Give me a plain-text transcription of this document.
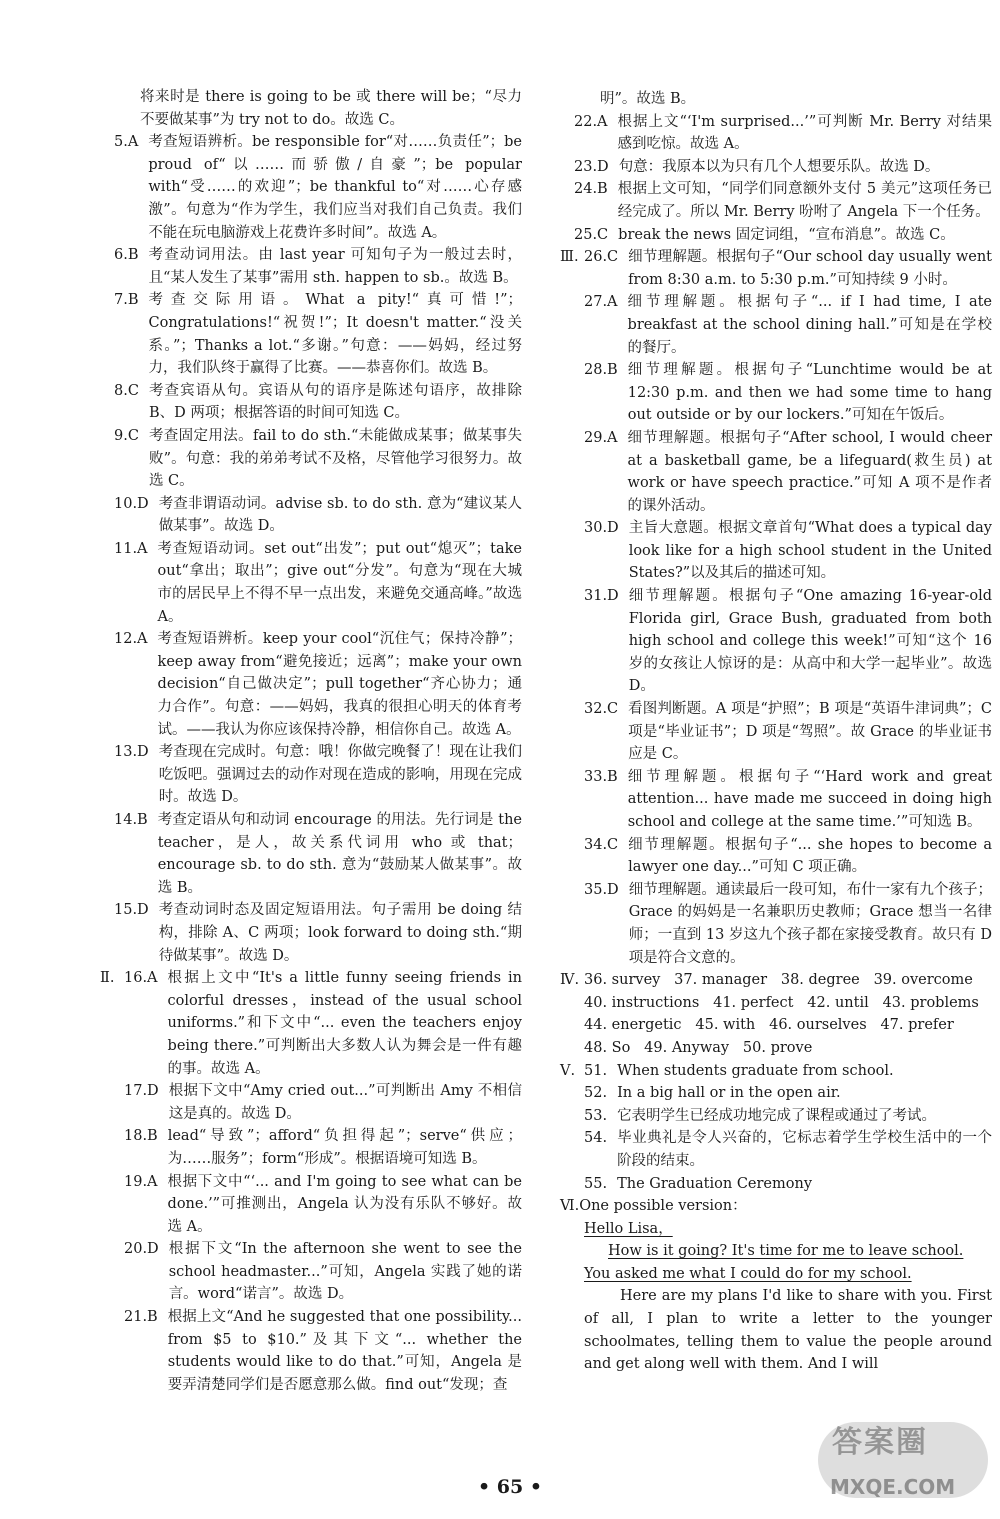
将来时是 there is going to be 或 there will be；“尽力不要做某事”为 try not to do。故选 C。

5.A 考查短语辨析。be responsible for“对……负责任”；be proud of“以……而骄傲/自豪”；be popular with“受……的欢迎”；be thankful to“对……心存感激”。句意为“作为学生，我们应当对我们自己负责。我们不能在玩电脑游戏上花费许多时间”。故选 A。
6.B 考查动词用法。由 last year 可知句子为一般过去时，且“某人发生了某事”需用 sth. happen to sb.。故选 B。
7.B 考查交际用语。What a pity!“真可惜!”；Congratulations!“祝贺!”；It doesn't matter.“没关系。”；Thanks a lot.“多谢。”句意：——妈妈，经过努力，我们队终于赢得了比赛。——恭喜你们。故选 B。
8.C 考查宾语从句。宾语从句的语序是陈述句语序，故排除 B、D 两项；根据答语的时间可知选 C。
9.C 考查固定用法。fail to do sth.“未能做成某事；做某事失败”。句意：我的弟弟考试不及格，尽管他学习很努力。故选 C。
10.D 考查非谓语动词。advise sb. to do sth. 意为“建议某人做某事”。故选 D。
11.A 考查短语动词。set out“出发”；put out“熄灭”；take out“拿出；取出”；give out“分发”。句意为“现在大城市的居民早上不得不早一点出发，来避免交通高峰。”故选 A。
12.A 考查短语辨析。keep your cool“沉住气；保持冷静”；keep away from“避免接近；远离”；make your own decision“自己做决定”；pull together“齐心协力；通力合作”。句意：——妈妈，我真的很担心明天的体育考试。——我认为你应该保持冷静，相信你自己。故选 A。
13.D 考查现在完成时。句意：哦！你做完晚餐了！现在让我们吃饭吧。强调过去的动作对现在造成的影响，用现在完成时。故选 D。
14.B 考查定语从句和动词 encourage 的用法。先行词是 the teacher，是人，故关系代词用 who 或 that；encourage sb. to do sth. 意为“鼓励某人做某事”。故选 B。
15.D 考查动词时态及固定短语用法。句子需用 be doing 结构，排除 A、C 两项；look forward to doing sth.“期待做某事”。故选 D。
Ⅱ. 16.A 根据上文中“It's a little funny seeing friends in colorful dresses，instead of the usual school uniforms.”和下文中“... even the teachers enjoy being there.”可判断出大多数人认为舞会是一件有趣的事。故选 A。
17.D 根据下文中“Amy cried out...”可判断出 Amy 不相信这是真的。故选 D。
18.B lead“导致”；afford“负担得起”；serve“供应；为……服务”；form“形成”。根据语境可知选 B。
19.A 根据下文中“‘... and I'm going to see what can be done.’”可推测出，Angela 认为没有乐队不够好。故选 A。
20.D 根据下文“In the afternoon she went to see the school headmaster...”可知，Angela 实践了她的诺言。word“诺言”。故选 D。
21.B 根据上文“And he suggested that one possibility... from $5 to $10.”及其下文“... whether the students would like to do that.”可知，Angela 是要弄清楚同学们是否愿意那么做。find out“发现；查

明”。故选 B。

22.A 根据上文“‘I'm surprised...’”可判断 Mr. Berry 对结果感到吃惊。故选 A。
23.D 句意：我原本以为只有几个人想要乐队。故选 D。
24.B 根据上文可知，“同学们同意额外支付 5 美元”这项任务已经完成了。所以 Mr. Berry 吩咐了 Angela 下一个任务。
25.C break the news 固定词组，“宣布消息”。故选 C。
Ⅲ. 26.C 细节理解题。根据句子“Our school day usually went from 8:30 a.m. to 5:30 p.m.”可知持续 9 小时。
27.A 细节理解题。根据句子“... if I had time, I ate breakfast at the school dining hall.”可知是在学校的餐厅。
28.B 细节理解题。根据句子“Lunchtime would be at 12:30 p.m. and then we had some time to hang out outside or by our lockers.”可知在午饭后。
29.A 细节理解题。根据句子“After school, I would cheer at a basketball game, be a lifeguard(救生员) at work or have speech practice.”可知 A 项不是作者的课外活动。
30.D 主旨大意题。根据文章首句“What does a typical day look like for a high school student in the United States?”以及其后的描述可知。
31.D 细节理解题。根据句子“One amazing 16-year-old Florida girl, Grace Bush, graduated from both high school and college this week!”可知“这个 16 岁的女孩让人惊讶的是：从高中和大学一起毕业”。故选 D。
32.C 看图判断题。A 项是“护照”；B 项是“英语牛津词典”；C 项是“毕业证书”；D 项是“驾照”。故 Grace 的毕业证书应是 C。
33.B 细节理解题。根据句子“‘Hard work and great attention... have made me succeed in doing high school and college at the same time.’”可知选 B。
34.C 细节理解题。根据句子“... she hopes to become a lawyer one day...”可知 C 项正确。
35.D 细节理解题。通读最后一段可知，布什一家有九个孩子；Grace 的妈妈是一名兼职历史教师；Grace 想当一名律师；一直到 13 岁这九个孩子都在家接受教育。故只有 D 项是符合文意的。
Ⅳ. 36. survey   37. manager   38. degree   39. overcome
40. instructions   41. perfect   42. until   43. problems
44. energetic   45. with   46. ourselves   47. prefer
48. So   49. Anyway   50. prove
Ⅴ. 51. When students graduate from school.
52. In a big hall or in the open air.
53. 它表明学生已经成功地完成了课程或通过了考试。
54. 毕业典礼是令人兴奋的，它标志着学生学校生活中的一个阶段的结束。
55. The Graduation Ceremony
Ⅵ. One possible version：

Hello Lisa，

How is it going? It's time for me to leave school.

You asked me what I could do for my school.

Here are my plans I'd like to share with you. First of all, I plan to write a letter to the younger schoolmates, telling them to value the people around and get along well with them. And I will

• 65 •
答案圈
MXQE.COM
